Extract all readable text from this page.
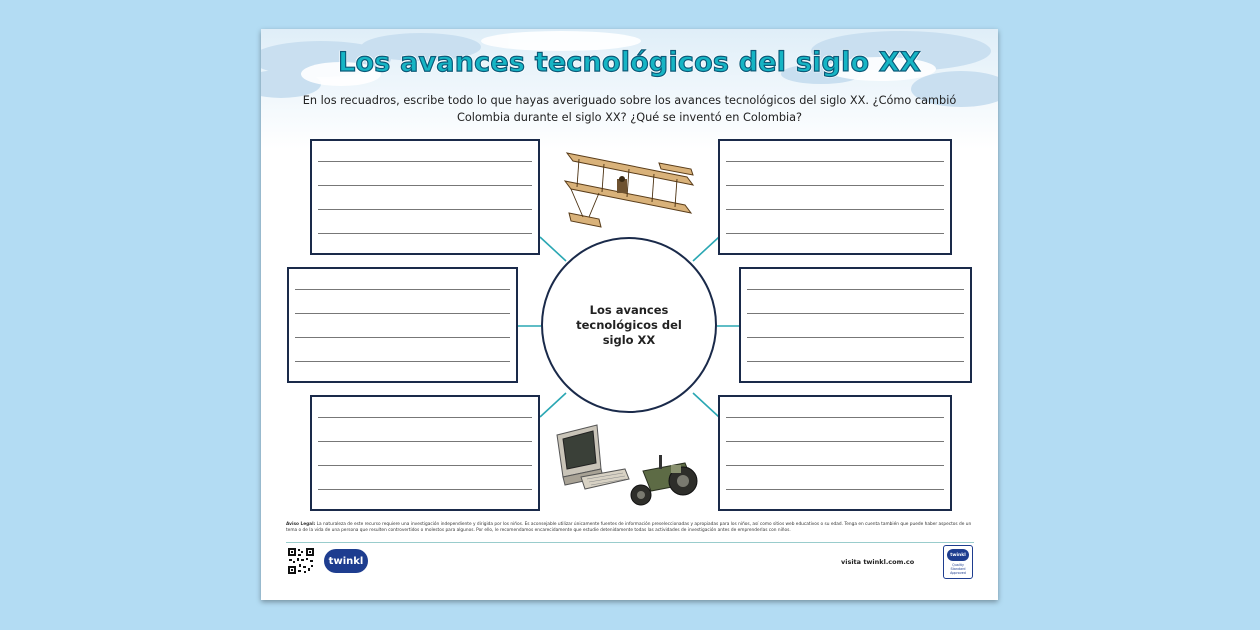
Los avances tecnológicos del siglo XX
En los recuadros, escribe todo lo que hayas averiguado sobre los avances tecnológicos del siglo XX. ¿Cómo cambió Colombia durante el siglo XX? ¿Qué se inventó en Colombia?
Los avances tecnológicos del siglo XX
Aviso Legal: La naturaleza de este recurso requiere una investigación independiente y dirigida por los niños. Es aconsejable utilizar únicamente fuentes de información preseleccionadas y apropiadas para los niños, así como sitios web educativos o su edad. Tenga en cuenta también que puede haber aspectos de un tema o de la vida de una persona que resulten controvertidos o molestos para algunos. Por ello, le recomendamos encarecidamente que estudie detenidamente todas las actividades de investigación antes de emprenderlas con niños.
twinkl	visita twinkl.com.co
twinkl
Quality Standard Approved
